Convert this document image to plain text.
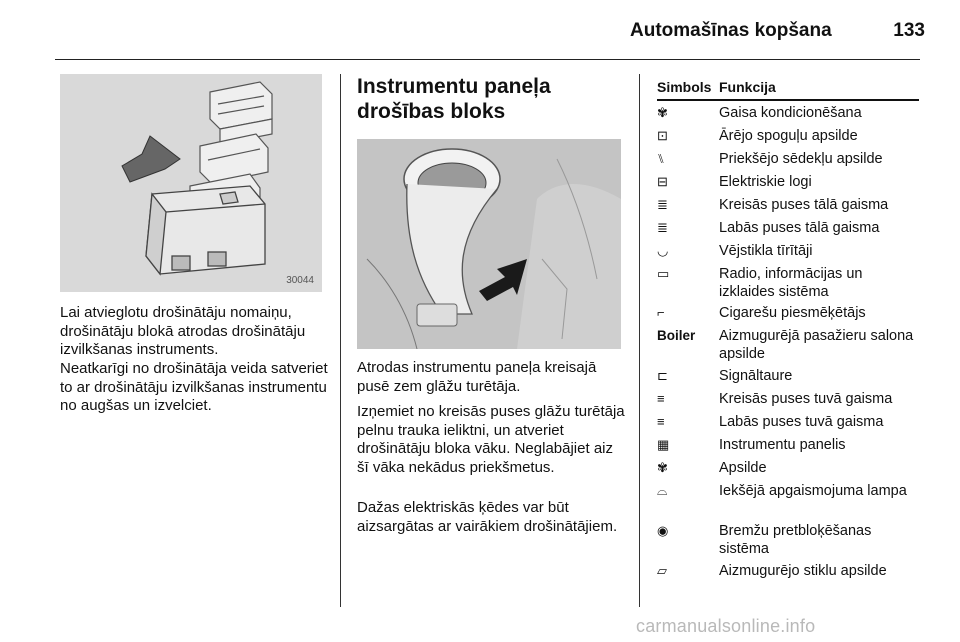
Automašīnas kopšana	133
30044

Lai atvieglotu drošinātāju nomaiņu, drošinātāju blokā atrodas drošinātāju izvilkšanas instruments.

Neatkarīgi no drošinātāja veida satveriet to ar drošinātāju izvilkšanas instrumentu no augšas un izvelciet.

Instrumentu paneļa drošības bloks

Atrodas instrumentu paneļa kreisajā pusē zem glāžu turētāja.

Izņemiet no kreisās puses glāžu turētāja pelnu trauka ieliktni, un atveriet drošinātāju bloka vāku. Neglabājiet aiz šī vāka nekādus priekšmetus.

Dažas elektriskās ķēdes var būt aizsargātas ar vairākiem drošinātājiem.

Simbols Funkcija
✾	Gaisa kondicionēšana
⊡	Ārējo spoguļu apsilde
⑊	Priekšējo sēdekļu apsilde
⊟	Elektriskie logi
≣	Kreisās puses tālā gaisma
≣	Labās puses tālā gaisma
◡	Vējstikla tīrītāji
▭	Radio, informācijas un izklaides sistēma
⌐	Cigarešu piesmēķētājs
Boiler	Aizmugurējā pasažieru salona apsilde
⊏	Signāltaure
≡	Kreisās puses tuvā gaisma
≡	Labās puses tuvā gaisma
▦	Instrumentu panelis
✾	Apsilde
⌓	Iekšējā apgaismojuma lampa
◉	Bremžu pretbloķēšanas sistēma
▱	Aizmugurējo stiklu apsilde
carmanualsonline.info
